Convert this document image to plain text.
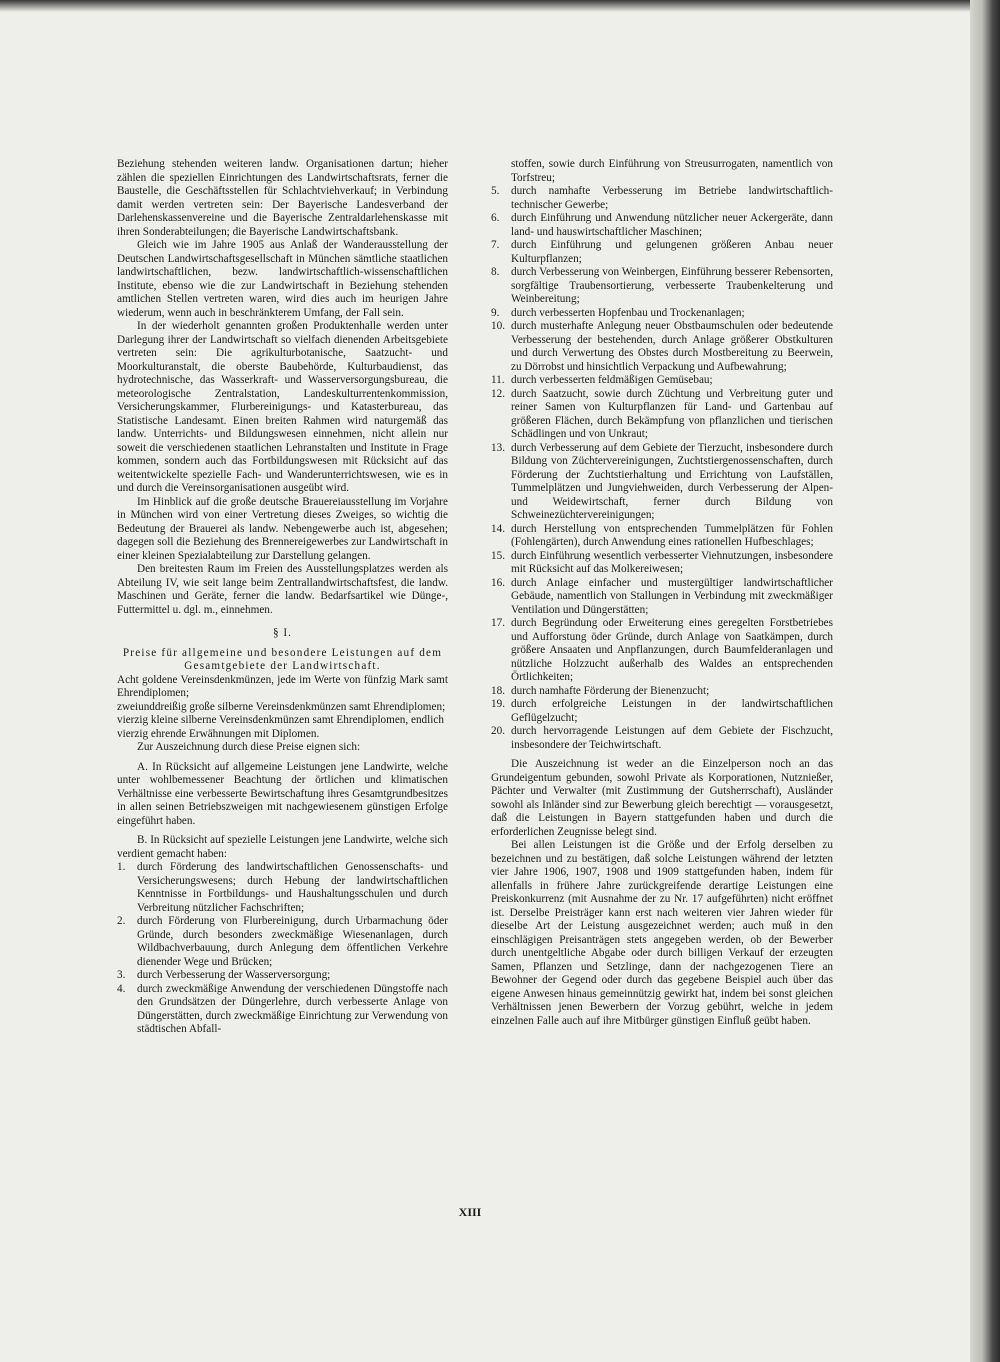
Beziehung stehenden weiteren landw. Organisationen dartun; hieher zählen die speziellen Einrichtungen des Landwirtschaftsrats, ferner die Baustelle, die Geschäftsstellen für Schlachtviehverkauf; in Verbindung damit werden vertreten sein: Der Bayerische Landesverband der Darlehenskassenvereine und die Bayerische Zentraldarlehenskasse mit ihren Sonderabteilungen; die Bayerische Landwirtschaftsbank.

Gleich wie im Jahre 1905 aus Anlaß der Wanderausstellung der Deutschen Landwirtschaftsgesellschaft in München sämtliche staatlichen landwirtschaftlichen, bezw. landwirtschaftlich-wissenschaftlichen Institute, ebenso wie die zur Landwirtschaft in Beziehung stehenden amtlichen Stellen vertreten waren, wird dies auch im heurigen Jahre wiederum, wenn auch in beschränkterem Umfang, der Fall sein.

In der wiederholt genannten großen Produktenhalle werden unter Darlegung ihrer der Landwirtschaft so vielfach dienenden Arbeitsgebiete vertreten sein: Die agrikulturbotanische, Saatzucht- und Moorkulturanstalt, die oberste Baubehörde, Kulturbaudienst, das hydrotechnische, das Wasserkraft- und Wasserversorgungsbureau, die meteorologische Zentralstation, Landeskulturrentenkommission, Versicherungskammer, Flurbereinigungs- und Katasterbureau, das Statistische Landesamt. Einen breiten Rahmen wird naturgemäß das landw. Unterrichts- und Bildungswesen einnehmen, nicht allein nur soweit die verschiedenen staatlichen Lehranstalten und Institute in Frage kommen, sondern auch das Fortbildungswesen mit Rücksicht auf das weitentwickelte spezielle Fach- und Wanderunterrichtswesen, wie es in und durch die Vereinsorganisationen ausgeübt wird.

Im Hinblick auf die große deutsche Brauereiausstellung im Vorjahre in München wird von einer Vertretung dieses Zweiges, so wichtig die Bedeutung der Brauerei als landw. Nebengewerbe auch ist, abgesehen; dagegen soll die Beziehung des Brennereigewerbes zur Landwirtschaft in einer kleinen Spezialabteilung zur Darstellung gelangen.

Den breitesten Raum im Freien des Ausstellungsplatzes werden als Abteilung IV, wie seit lange beim Zentrallandwirtschaftsfest, die landw. Maschinen und Geräte, ferner die landw. Bedarfsartikel wie Dünge-, Futtermittel u. dgl. m., einnehmen.

§ I.

Preise für allgemeine und besondere Leistungen auf dem Gesamtgebiete der Landwirtschaft.

Acht goldene Vereinsdenkmünzen, jede im Werte von fünfzig Mark samt Ehrendiplomen;

zweiunddreißig große silberne Vereinsdenkmünzen samt Ehrendiplomen;

vierzig kleine silberne Vereinsdenkmünzen samt Ehrendiplomen, endlich

vierzig ehrende Erwähnungen mit Diplomen.

Zur Auszeichnung durch diese Preise eignen sich:

A. In Rücksicht auf allgemeine Leistungen jene Landwirte, welche unter wohlbemessener Beachtung der örtlichen und klimatischen Verhältnisse eine verbesserte Bewirtschaftung ihres Gesamtgrundbesitzes in allen seinen Betriebszweigen mit nachgewiesenem günstigen Erfolge eingeführt haben.

B. In Rücksicht auf spezielle Leistungen jene Landwirte, welche sich verdient gemacht haben:

1. durch Förderung des landwirtschaftlichen Genossenschafts- und Versicherungswesens; durch Hebung der landwirtschaftlichen Kenntnisse in Fortbildungs- und Haushaltungsschulen und durch Verbreitung nützlicher Fachschriften;
2. durch Förderung von Flurbereinigung, durch Urbarmachung öder Gründe, durch besonders zweckmäßige Wiesenanlagen, durch Wildbachverbauung, durch Anlegung dem öffentlichen Verkehre dienender Wege und Brücken;
3. durch Verbesserung der Wasserversorgung;
4. durch zweckmäßige Anwendung der verschiedenen Düngstoffe nach den Grundsätzen der Düngerlehre, durch verbesserte Anlage von Düngerstätten, durch zweckmäßige Einrichtung zur Verwendung von städtischen Abfall-
stoffen, sowie durch Einführung von Streusurrogaten, namentlich von Torfstreu;
5. durch namhafte Verbesserung im Betriebe landwirtschaftlich-technischer Gewerbe;
6. durch Einführung und Anwendung nützlicher neuer Ackergeräte, dann land- und hauswirtschaftlicher Maschinen;
7. durch Einführung und gelungenen größeren Anbau neuer Kulturpflanzen;
8. durch Verbesserung von Weinbergen, Einführung besserer Rebensorten, sorgfältige Traubensortierung, verbesserte Traubenkelterung und Weinbereitung;
9. durch verbesserten Hopfenbau und Trockenanlagen;
10. durch musterhafte Anlegung neuer Obstbaumschulen oder bedeutende Verbesserung der bestehenden, durch Anlage größerer Obstkulturen und durch Verwertung des Obstes durch Mostbereitung zu Beerwein, zu Dörrobst und hinsichtlich Verpackung und Aufbewahrung;
11. durch verbesserten feldmäßigen Gemüsebau;
12. durch Saatzucht, sowie durch Züchtung und Verbreitung guter und reiner Samen von Kulturpflanzen für Land- und Gartenbau auf größeren Flächen, durch Bekämpfung von pflanzlichen und tierischen Schädlingen und von Unkraut;
13. durch Verbesserung auf dem Gebiete der Tierzucht, insbesondere durch Bildung von Züchtervereinigungen, Zuchtstiergenossenschaften, durch Förderung der Zuchtstierhaltung und Errichtung von Laufställen, Tummelplätzen und Jungviehweiden, durch Verbesserung der Alpen- und Weidewirtschaft, ferner durch Bildung von Schweinezüchtervereinigungen;
14. durch Herstellung von entsprechenden Tummelplätzen für Fohlen (Fohlengärten), durch Anwendung eines rationellen Hufbeschlages;
15. durch Einführung wesentlich verbesserter Viehnutzungen, insbesondere mit Rücksicht auf das Molkereiwesen;
16. durch Anlage einfacher und mustergültiger landwirtschaftlicher Gebäude, namentlich von Stallungen in Verbindung mit zweckmäßiger Ventilation und Düngerstätten;
17. durch Begründung oder Erweiterung eines geregelten Forstbetriebes und Aufforstung öder Gründe, durch Anlage von Saatkämpen, durch größere Ansaaten und Anpflanzungen, durch Baumfelderanlagen und nützliche Holzzucht außerhalb des Waldes an entsprechenden Örtlichkeiten;
18. durch namhafte Förderung der Bienenzucht;
19. durch erfolgreiche Leistungen in der landwirtschaftlichen Geflügelzucht;
20. durch hervorragende Leistungen auf dem Gebiete der Fischzucht, insbesondere der Teichwirtschaft.

Die Auszeichnung ist weder an die Einzelperson noch an das Grundeigentum gebunden, sowohl Private als Korporationen, Nutznießer, Pächter und Verwalter (mit Zustimmung der Gutsherrschaft), Ausländer sowohl als Inländer sind zur Bewerbung gleich berechtigt — vorausgesetzt, daß die Leistungen in Bayern stattgefunden haben und durch die erforderlichen Zeugnisse belegt sind.

Bei allen Leistungen ist die Größe und der Erfolg derselben zu bezeichnen und zu bestätigen, daß solche Leistungen während der letzten vier Jahre 1906, 1907, 1908 und 1909 stattgefunden haben, indem für allenfalls in frühere Jahre zurückgreifende derartige Leistungen eine Preiskonkurrenz (mit Ausnahme der zu Nr. 17 aufgeführten) nicht eröffnet ist. Derselbe Preisträger kann erst nach weiteren vier Jahren wieder für dieselbe Art der Leistung ausgezeichnet werden; auch muß in den einschlägigen Preisanträgen stets angegeben werden, ob der Bewerber durch unentgeltliche Abgabe oder durch billigen Verkauf der erzeugten Samen, Pflanzen und Setzlinge, dann der nachgezogenen Tiere an Bewohner der Gegend oder durch das gegebene Beispiel auch über das eigene Anwesen hinaus gemeinnützig gewirkt hat, indem bei sonst gleichen Verhältnissen jenen Bewerbern der Vorzug gebührt, welche in jedem einzelnen Falle auch auf ihre Mitbürger günstigen Einfluß geübt haben.

XIII
